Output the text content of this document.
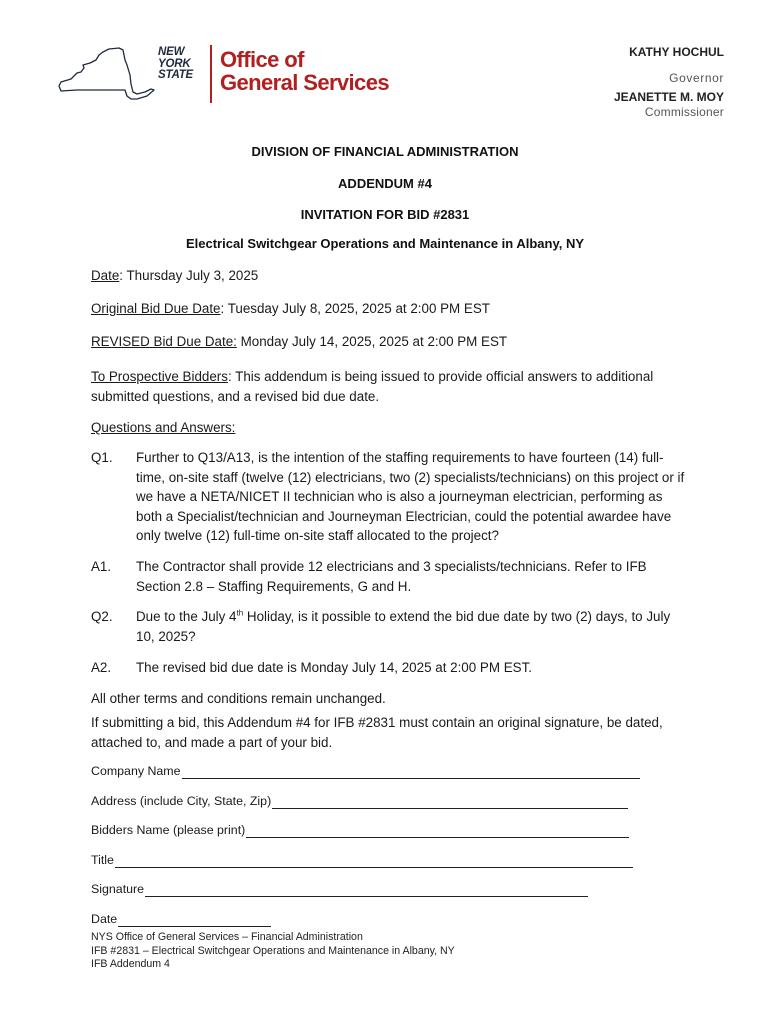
NEW
YORK
STATE
Office of
General Services
KATHY HOCHUL
Governor
JEANETTE M. MOY
Commissioner
DIVISION OF FINANCIAL ADMINISTRATION
ADDENDUM #4
INVITATION FOR BID #2831
Electrical Switchgear Operations and Maintenance in Albany, NY
Date: Thursday July 3, 2025
Original Bid Due Date: Tuesday July 8, 2025, 2025 at 2:00 PM EST
REVISED Bid Due Date: Monday July 14, 2025, 2025 at 2:00 PM EST
To Prospective Bidders: This addendum is being issued to provide official answers to additional submitted questions, and a revised bid due date.
Questions and Answers:
Q1. Further to Q13/A13, is the intention of the staffing requirements to have fourteen (14) full-time, on-site staff (twelve (12) electricians, two (2) specialists/technicians) on this project or if we have a NETA/NICET II technician who is also a journeyman electrician, performing as both a Specialist/technician and Journeyman Electrician, could the potential awardee have only twelve (12) full-time on-site staff allocated to the project?
A1. The Contractor shall provide 12 electricians and 3 specialists/technicians. Refer to IFB Section 2.8 – Staffing Requirements, G and H.
Q2. Due to the July 4th Holiday, is it possible to extend the bid due date by two (2) days, to July 10, 2025?
A2. The revised bid due date is Monday July 14, 2025 at 2:00 PM EST.
All other terms and conditions remain unchanged.
If submitting a bid, this Addendum #4 for IFB #2831 must contain an original signature, be dated, attached to, and made a part of your bid.
Company Name
Address (include City, State, Zip)
Bidders Name (please print)
Title
Signature
Date
NYS Office of General Services – Financial Administration
IFB #2831 – Electrical Switchgear Operations and Maintenance in Albany, NY
IFB Addendum 4
